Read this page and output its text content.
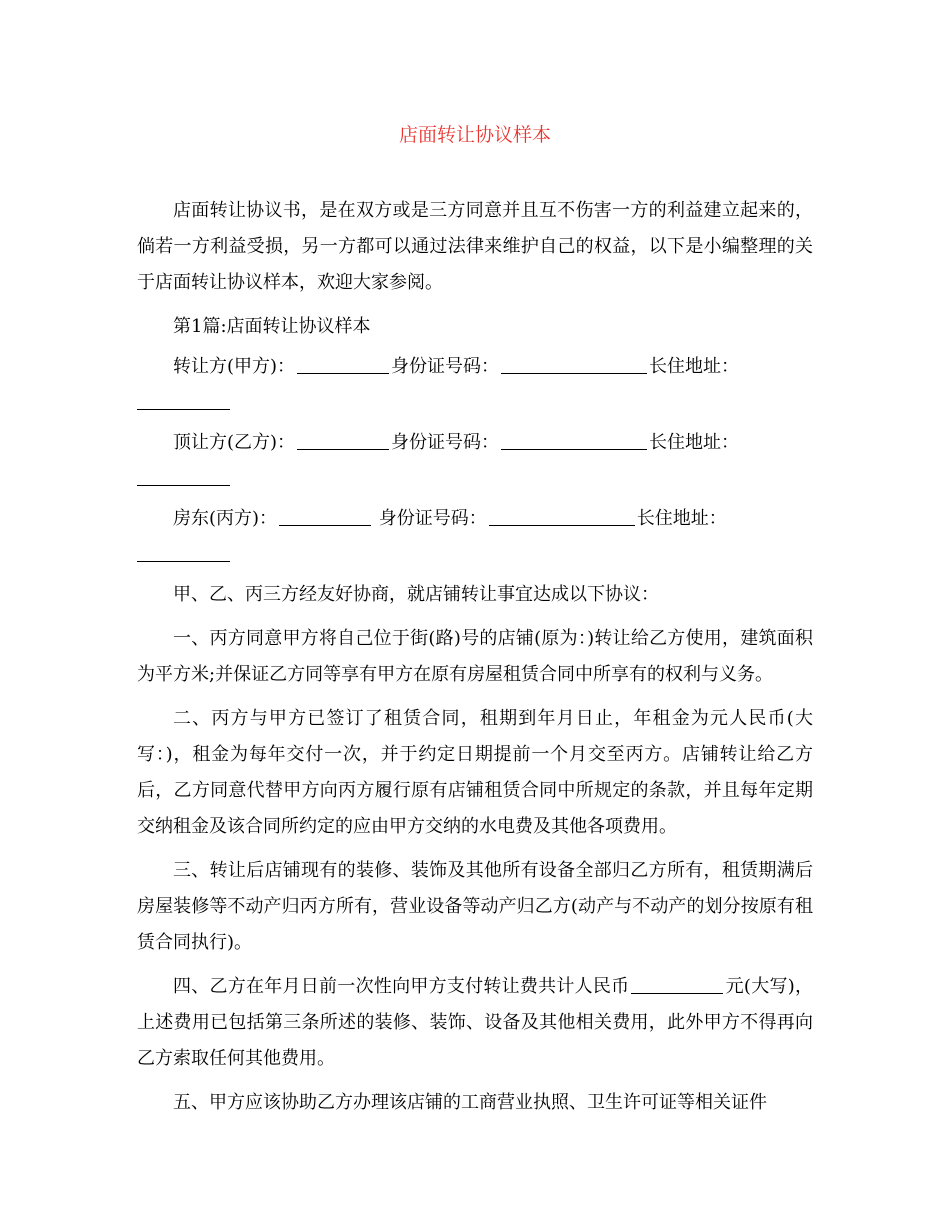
店面转让协议样本

店面转让协议书，是在双方或是三方同意并且互不伤害一方的利益建立起来的，倘若一方利益受损，另一方都可以通过法律来维护自己的权益，以下是小编整理的关于店面转让协议样本，欢迎大家参阅。

第1篇:店面转让协议样本
转让方(甲方)：	身份证号码：	长住地址：
顶让方(乙方)：	身份证号码：	长住地址：
房东(丙方)：	身份证号码：	长住地址：

甲、乙、丙三方经友好协商，就店铺转让事宜达成以下协议：

一、丙方同意甲方将自己位于街(路)号的店铺(原为：)转让给乙方使用，建筑面积为平方米;并保证乙方同等享有甲方在原有房屋租赁合同中所享有的权利与义务。

二、丙方与甲方已签订了租赁合同，租期到年月日止，年租金为元人民币(大写：)，租金为每年交付一次，并于约定日期提前一个月交至丙方。店铺转让给乙方后，乙方同意代替甲方向丙方履行原有店铺租赁合同中所规定的条款，并且每年定期交纳租金及该合同所约定的应由甲方交纳的水电费及其他各项费用。

三、转让后店铺现有的装修、装饰及其他所有设备全部归乙方所有，租赁期满后房屋装修等不动产归丙方所有，营业设备等动产归乙方(动产与不动产的划分按原有租赁合同执行)。

四、乙方在年月日前一次性向甲方支付转让费共计人民币	元(大写)，上述费用已包括第三条所述的装修、装饰、设备及其他相关费用，此外甲方不得再向乙方索取任何其他费用。

五、甲方应该协助乙方办理该店铺的工商营业执照、卫生许可证等相关证件
